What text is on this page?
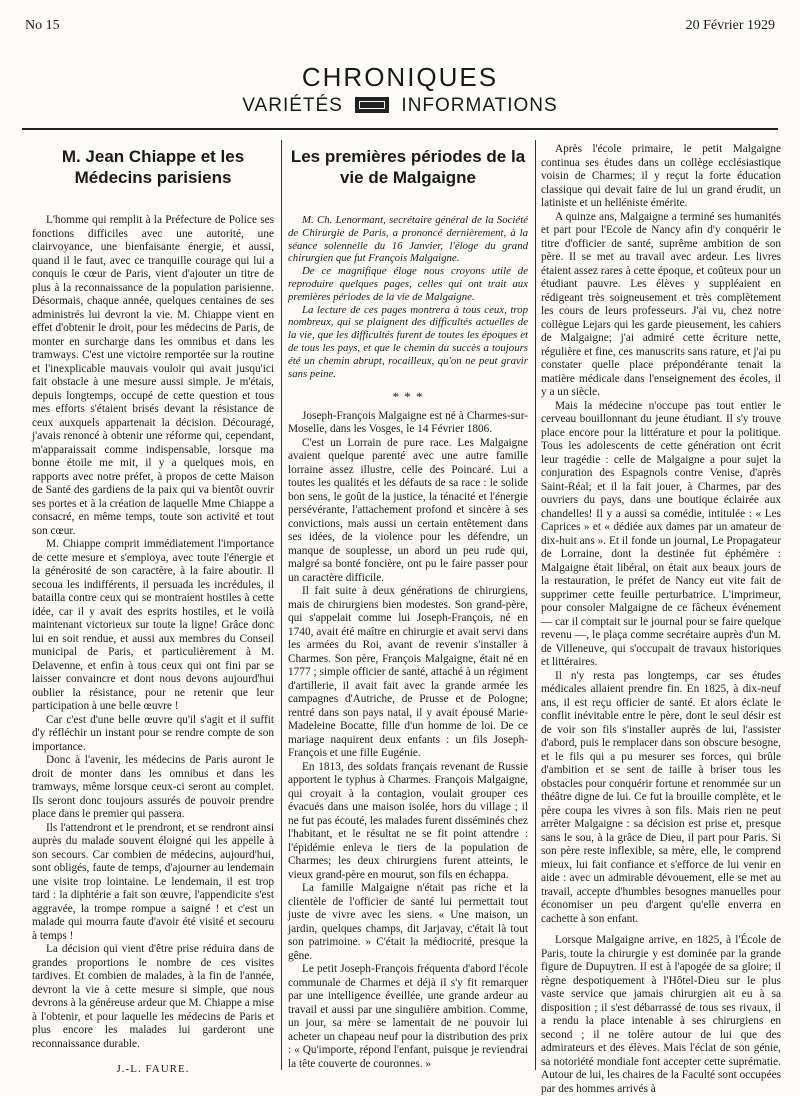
No 15	20 Février 1929
CHRONIQUES
VARIÉTÉS	INFORMATIONS
M. Jean Chiappe et les Médecins parisiens

L'homme qui remplit à la Préfecture de Police ses fonctions difficiles avec une autorité, une clairvoyance, une bienfaisante énergie, et aussi, quand il le faut, avec ce tranquille courage qui lui a conquis le cœur de Paris, vient d'ajouter un titre de plus à la reconnaissance de la population parisienne. Désormais, chaque année, quelques centaines de ses administrés lui devront la vie. M. Chiappe vient en effet d'obtenir le droit, pour les médecins de Paris, de monter en surcharge dans les omnibus et dans les tramways. C'est une victoire remportée sur la routine et l'inexplicable mauvais vouloir qui avait jusqu'ici fait obstacle à une mesure aussi simple. Je m'étais, depuis longtemps, occupé de cette question et tous mes efforts s'étaient brisés devant la résistance de ceux auxquels appartenait la décision. Découragé, j'avais renoncé à obtenir une réforme qui, cependant, m'apparaissait comme indispensable, lorsque ma bonne étoile me mit, il y a quelques mois, en rapports avec notre préfet, à propos de cette Maison de Santé des gardiens de la paix qui va bientôt ouvrir ses portes et à la création de laquelle Mme Chiappe a consacré, en même temps, toute son activité et tout son cœur.

M. Chiappe comprit immédiatement l'importance de cette mesure et s'employa, avec toute l'énergie et la générosité de son caractère, à la faire aboutir. Il secoua les indifférents, il persuada les incrédules, il batailla contre ceux qui se montraient hostiles à cette idée, car il y avait des esprits hostiles, et le voilà maintenant victorieux sur toute la ligne! Grâce donc lui en soit rendue, et aussi aux membres du Conseil municipal de Paris, et particulièrement à M. Delavenne, et enfin à tous ceux qui ont fini par se laisser convaincre et dont nous devons aujourd'hui oublier la résistance, pour ne retenir que leur participation à une belle œuvre !

Car c'est d'une belle œuvre qu'il s'agit et il suffit d'y réfléchir un instant pour se rendre compte de son importance.

Donc à l'avenir, les médecins de Paris auront le droit de monter dans les omnibus et dans les tramways, même lorsque ceux-ci seront au complet. Ils seront donc toujours assurés de pouvoir prendre place dans le premier qui passera.

Ils l'attendront et le prendront, et se rendront ainsi auprès du malade souvent éloigné qui les appelle à son secours. Car combien de médecins, aujourd'hui, sont obligés, faute de temps, d'ajourner au lendemain une visite trop lointaine. Le lendemain, il est trop tard : la diphtérie a fait son œuvre, l'appendicite s'est aggravée, la trompe rompue a saigné ! et c'est un malade qui mourra faute d'avoir été visité et secouru à temps !

La décision qui vient d'être prise réduira dans de grandes proportions le nombre de ces visites tardives. Et combien de malades, à la fin de l'année, devront la vie à cette mesure si simple, que nous devrons à la généreuse ardeur que M. Chiappe a mise à l'obtenir, et pour laquelle les médecins de Paris et plus encore les malades lui garderont une reconnaissance durable.

J.-L. FAURE.
Les premières périodes de la vie de Malgaigne

M. Ch. Lenormant, secrétaire général de la Société de Chirurgie de Paris, a prononcé dernièrement, à la séance solennelle du 16 Janvier, l'éloge du grand chirurgien que fut François Malgaigne.

De ce magnifique éloge nous croyons utile de reproduire quelques pages, celles qui ont trait aux premières périodes de la vie de Malgaigne.

La lecture de ces pages montrera à tous ceux, trop nombreux, qui se plaignent des difficultés actuelles de la vie, que les difficultés furent de toutes les époques et de tous les pays, et que le chemin du succès a toujours été un chemin abrupt, rocailleux, qu'on ne peut gravir sans peine.

* * *

Joseph-François Malgaigne est né à Charmes-sur-Moselle, dans les Vosges, le 14 Février 1806.

C'est un Lorrain de pure race. Les Malgaigne avaient quelque parenté avec une autre famille lorraine assez illustre, celle des Poincaré. Lui a toutes les qualités et les défauts de sa race : le solide bon sens, le goût de la justice, la ténacité et l'énergie persévérante, l'attachement profond et sincère à ses convictions, mais aussi un certain entêtement dans ses idées, de la violence pour les défendre, un manque de souplesse, un abord un peu rude qui, malgré sa bonté foncière, ont pu le faire passer pour un caractère difficile.

Il fait suite à deux générations de chirurgiens, mais de chirurgiens bien modestes. Son grand-père, qui s'appelait comme lui Joseph-François, né en 1740, avait été maître en chirurgie et avait servi dans les armées du Roi, avant de revenir s'installer à Charmes. Son père, François Malgaigne, était né en 1777 ; simple officier de santé, attaché à un régiment d'artillerie, il avait fait avec la grande armée les campagnes d'Autriche, de Prusse et de Pologne; rentré dans son pays natal, il y avait épousé Marie-Madeleine Bocatte, fille d'un homme de loi. De ce mariage naquirent deux enfants : un fils Joseph-François et une fille Eugénie.

En 1813, des soldats français revenant de Russie apportent le typhus à Charmes. François Malgaigne, qui croyait à la contagion, voulait grouper ces évacués dans une maison isolée, hors du village ; il ne fut pas écouté, les malades furent disséminés chez l'habitant, et le résultat ne se fit point attendre : l'épidémie enleva le tiers de la population de Charmes; les deux chirurgiens furent atteints, le vieux grand-père en mourut, son fils en échappa.

La famille Malgaigne n'était pas riche et la clientèle de l'officier de santé lui permettait tout juste de vivre avec les siens. « Une maison, un jardin, quelques champs, dit Jarjavay, c'était là tout son patrimoine. » C'était la médiocrité, presque la gêne.

Le petit Joseph-François fréquenta d'abord l'école communale de Charmes et déjà il s'y fit remarquer par une intelligence éveillée, une grande ardeur au travail et aussi par une singulière ambition. Comme, un jour, sa mère se lamentait de ne pouvoir lui acheter un chapeau neuf pour la distribution des prix : « Qu'importe, répond l'enfant, puisque je reviendrai la tête couverte de couronnes. »

Après l'école primaire, le petit Malgaigne continua ses études dans un collège ecclésiastique voisin de Charmes; il y reçut la forte éducation classique qui devait faire de lui un grand érudit, un latiniste et un helléniste émérite.

A quinze ans, Malgaigne a terminé ses humanités et part pour l'Ecole de Nancy afin d'y conquérir le titre d'officier de santé, suprême ambition de son père. Il se met au travail avec ardeur. Les livres étaient assez rares à cette époque, et coûteux pour un étudiant pauvre. Les élèves y suppléaient en rédigeant très soigneusement et très complètement les cours de leurs professeurs. J'ai vu, chez notre collègue Lejars qui les garde pieusement, les cahiers de Malgaigne; j'ai admiré cette écriture nette, régulière et fine, ces manuscrits sans rature, et j'ai pu constater quelle place prépondérante tenait la matière médicale dans l'enseignement des écoles, il y a un siècle.

Mais la médecine n'occupe pas tout entier le cerveau bouillonnant du jeune étudiant. Il s'y trouve place encore pour la littérature et pour la politique. Tous les adolescents de cette génération ont écrit leur tragédie : celle de Malgaigne a pour sujet la conjuration des Espagnols contre Venise, d'après Saint-Réal; et il la fait jouer, à Charmes, par des ouvriers du pays, dans une boutique éclairée aux chandelles! Il y a aussi sa comédie, intitulée : « Les Caprices » et « dédiée aux dames par un amateur de dix-huit ans ». Et il fonde un journal, Le Propagateur de Lorraine, dont la destinée fut éphémère : Malgaigne était libéral, on était aux beaux jours de la restauration, le préfet de Nancy eut vite fait de supprimer cette feuille perturbatrice. L'imprimeur, pour consoler Malgaigne de ce fâcheux événement — car il comptait sur le journal pour se faire quelque revenu —, le plaça comme secrétaire auprès d'un M. de Villeneuve, qui s'occupait de travaux historiques et littéraires.

Il n'y resta pas longtemps, car ses études médicales allaient prendre fin. En 1825, à dix-neuf ans, il est reçu officier de santé. Et alors éclate le conflit inévitable entre le père, dont le seul désir est de voir son fils s'installer auprès de lui, l'assister d'abord, puis le remplacer dans son obscure besogne, et le fils qui a pu mesurer ses forces, qui brûle d'ambition et se sent de taille à briser tous les obstacles pour conquérir fortune et renommée sur un théâtre digne de lui. Ce fut la brouille complète, et le père coupa les vivres à son fils. Mais rien ne peut arrêter Malgaigne : sa décision est prise et, presque sans le sou, à la grâce de Dieu, il part pour Paris. Si son père reste inflexible, sa mère, elle, le comprend mieux, lui fait confiance et s'efforce de lui venir en aide : avec un admirable dévouement, elle se met au travail, accepte d'humbles besognes manuelles pour économiser un peu d'argent qu'elle enverra en cachette à son enfant.

Lorsque Malgaigne arrive, en 1825, à l'École de Paris, toute la chirurgie y est dominée par la grande figure de Dupuytren. Il est à l'apogée de sa gloire; il règne despotiquement à l'Hôtel-Dieu sur le plus vaste service que jamais chirurgien ait eu à sa disposition ; il s'est débarrassé de tous ses rivaux, il a rendu la place intenable à ses chirurgiens en second ; il ne tolère autour de lui que des admirateurs et des élèves. Mais l'éclat de son génie, sa notoriété mondiale font accepter cette suprématie. Autour de lui, les chaires de la Faculté sont occupées par des hommes arrivés à
